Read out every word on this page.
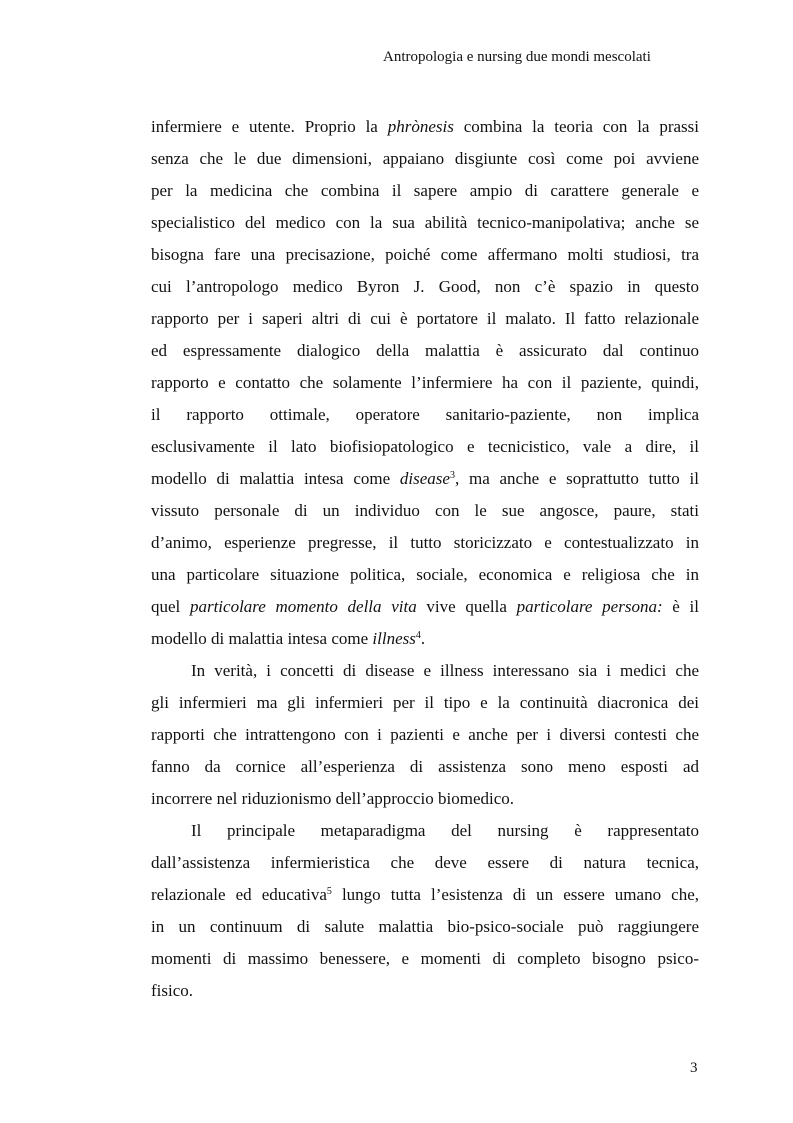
Antropologia e nursing due mondi mescolati
infermiere e utente. Proprio la phrònesis combina la teoria con la prassi
senza che le due dimensioni, appaiano disgiunte così come poi avviene
per la medicina che combina il sapere ampio di carattere generale e
specialistico del medico con la sua abilità tecnico-manipolativa; anche se
bisogna fare una precisazione, poiché come affermano molti studiosi, tra
cui l’antropologo medico Byron J. Good, non c’è spazio in questo
rapporto per i saperi altri di cui è portatore il malato. Il fatto relazionale
ed espressamente dialogico della malattia è assicurato dal continuo
rapporto e contatto che solamente l’infermiere ha con il paziente, quindi,
il rapporto ottimale, operatore sanitario-paziente, non implica
esclusivamente il lato biofisiopatologico e tecnicistico, vale a dire, il
modello di malattia intesa come disease$^3$, ma anche e soprattutto tutto il
vissuto personale di un individuo con le sue angosce, paure, stati
d’animo, esperienze pregresse, il tutto storicizzato e contestualizzato in
una particolare situazione politica, sociale, economica e religiosa che in
quel particolare momento della vita vive quella particolare persona: è il
modello di malattia intesa come illness$^4$.
In verità, i concetti di disease e illness interessano sia i medici che
gli infermieri ma gli infermieri per il tipo e la continuità diacronica dei
rapporti che intrattengono con i pazienti e anche per i diversi contesti che
fanno da cornice all’esperienza di assistenza sono meno esposti ad
incorrere nel riduzionismo dell’approccio biomedico.
Il principale metaparadigma del nursing è rappresentato
dall’assistenza infermieristica che deve essere di natura tecnica,
relazionale ed educativa$^5$ lungo tutta l’esistenza di un essere umano che,
in un continuum di salute malattia bio-psico-sociale può raggiungere
momenti di massimo benessere, e momenti di completo bisogno psico-
fisico.
3
